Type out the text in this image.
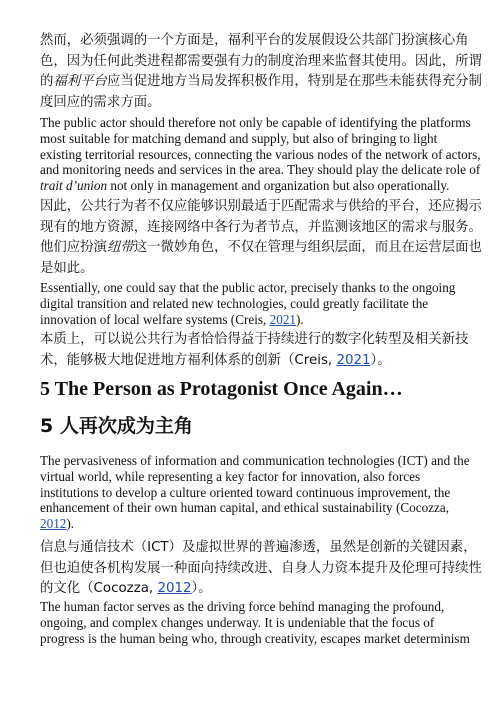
然而，必须强调的一个方面是，福利平台的发展假设公共部门扮演核心角
色，因为任何此类进程都需要强有力的制度治理来监督其使用。因此，所谓
的福利平台应当促进地方当局发挥积极作用，特别是在那些未能获得充分制
度回应的需求方面。
The public actor should therefore not only be capable of identifying the platforms
most suitable for matching demand and supply, but also of bringing to light
existing territorial resources, connecting the various nodes of the network of actors,
and monitoring needs and services in the area. They should play the delicate role of
trait d’union not only in management and organization but also operationally.
因此，公共行为者不仅应能够识别最适于匹配需求与供给的平台，还应揭示
现有的地方资源，连接网络中各行为者节点，并监测该地区的需求与服务。
他们应扮演纽带这一微妙角色，不仅在管理与组织层面，而且在运营层面也
是如此。
Essentially, one could say that the public actor, precisely thanks to the ongoing
digital transition and related new technologies, could greatly facilitate the
innovation of local welfare systems (Creis, 2021).
本质上，可以说公共行为者恰恰得益于持续进行的数字化转型及相关新技
术，能够极大地促进地方福利体系的创新（Creis, 2021）。
5 The Person as Protagonist Once Again…
5 人再次成为主角
The pervasiveness of information and communication technologies (ICT) and the
virtual world, while representing a key factor for innovation, also forces
institutions to develop a culture oriented toward continuous improvement, the
enhancement of their own human capital, and ethical sustainability (Cocozza,
2012).
信息与通信技术（ICT）及虚拟世界的普遍渗透，虽然是创新的关键因素，
但也迫使各机构发展一种面向持续改进、自身人力资本提升及伦理可持续性
的文化（Cocozza, 2012）。
The human factor serves as the driving force behind managing the profound,
ongoing, and complex changes underway. It is undeniable that the focus of
progress is the human being who, through creativity, escapes market determinism
